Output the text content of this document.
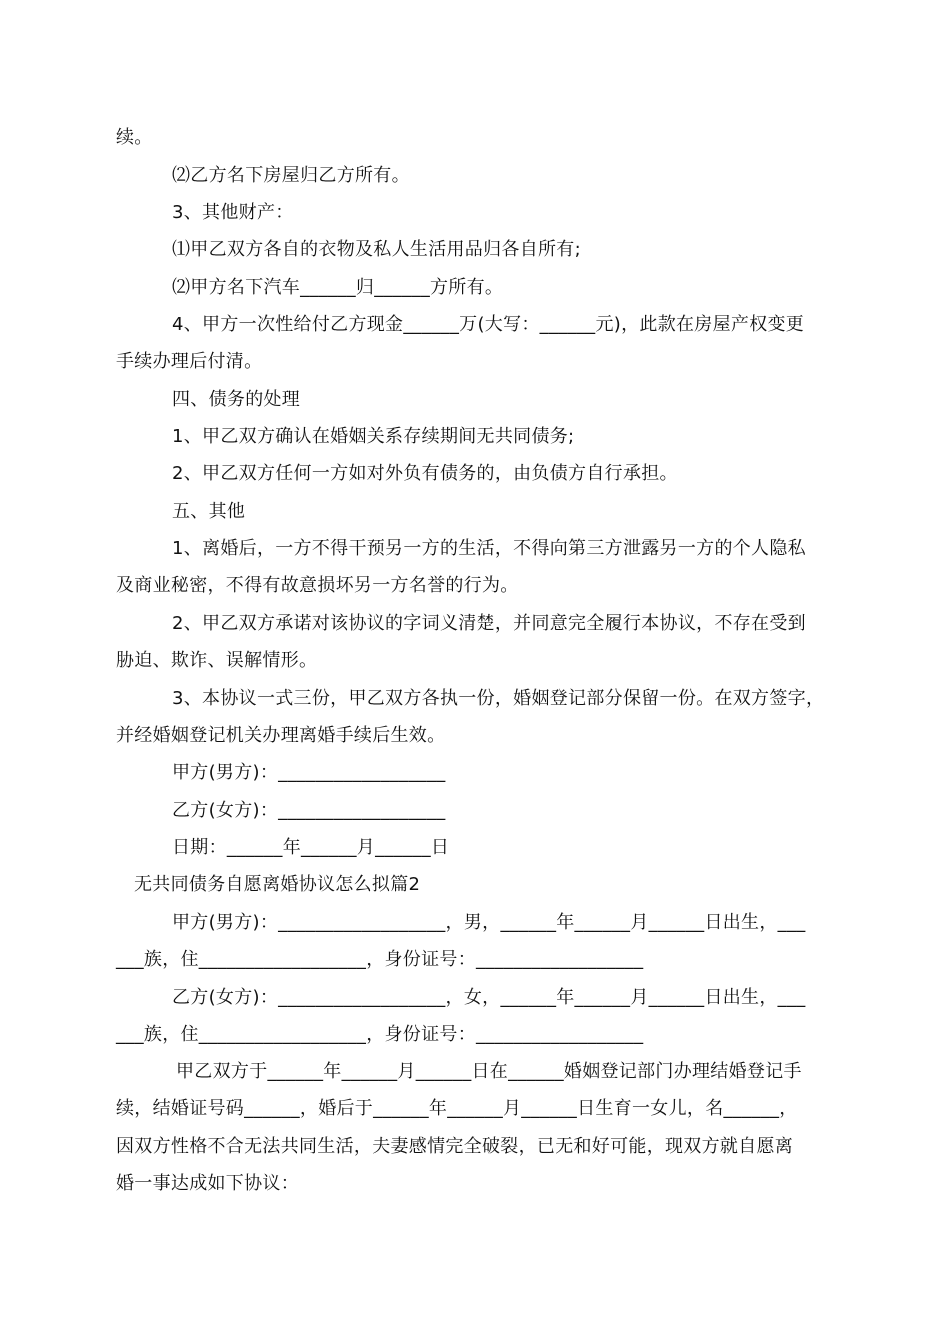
续。
⑵乙方名下房屋归乙方所有。
3、其他财产：
⑴甲乙双方各自的衣物及私人生活用品归各自所有;
⑵甲方名下汽车______归______方所有。
4、甲方一次性给付乙方现金______万(大写：______元)，此款在房屋产权变更
手续办理后付清。
四、债务的处理
1、甲乙双方确认在婚姻关系存续期间无共同债务;
2、甲乙双方任何一方如对外负有债务的，由负债方自行承担。
五、其他
1、离婚后，一方不得干预另一方的生活，不得向第三方泄露另一方的个人隐私
及商业秘密，不得有故意损坏另一方名誉的行为。
2、甲乙双方承诺对该协议的字词义清楚，并同意完全履行本协议，不存在受到
胁迫、欺诈、误解情形。
3、本协议一式三份，甲乙双方各执一份，婚姻登记部分保留一份。在双方签字，
并经婚姻登记机关办理离婚手续后生效。
甲方(男方)：__________________
乙方(女方)：__________________
日期：______年______月______日
无共同债务自愿离婚协议怎么拟篇2
甲方(男方)：__________________，男，______年______月______日出生，___
___族，住__________________，身份证号：__________________
乙方(女方)：__________________，女，______年______月______日出生，___
___族，住__________________，身份证号：__________________
甲乙双方于______年______月______日在______婚姻登记部门办理结婚登记手
续，结婚证号码______，婚后于______年______月______日生育一女儿，名______，
因双方性格不合无法共同生活，夫妻感情完全破裂，已无和好可能，现双方就自愿离
婚一事达成如下协议：
